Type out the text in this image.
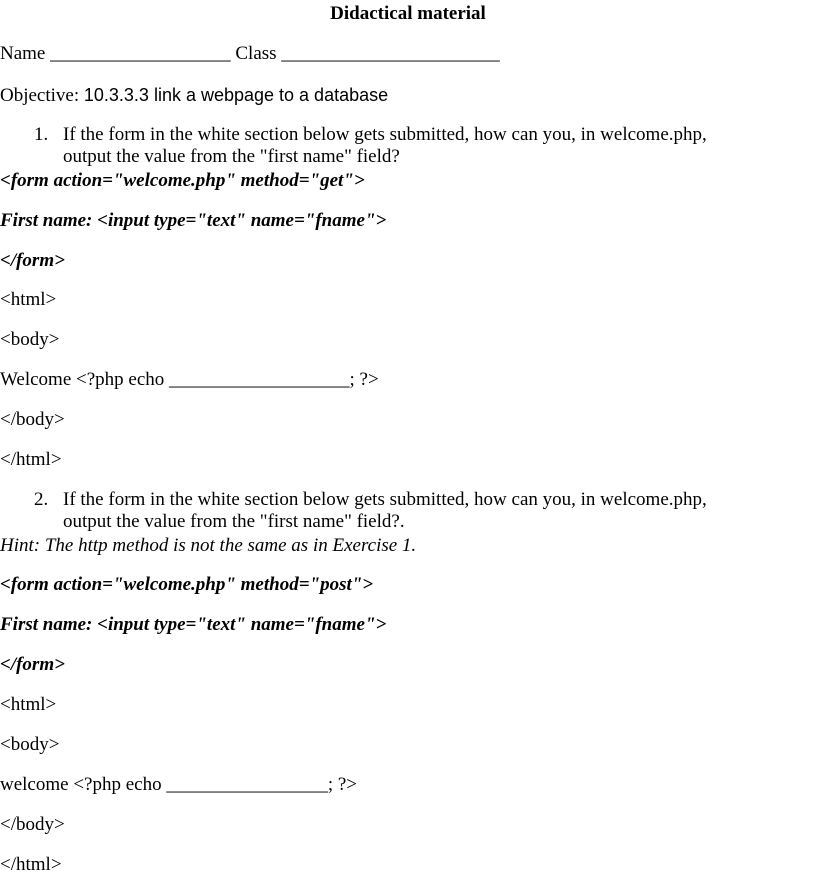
Didactical material
Name ___________________ Class _______________________
Objective: 10.3.3.3 link a webpage to a database
1. If the form in the white section below gets submitted, how can you, in welcome.php,
output the value from the "first name" field?
<form action="welcome.php" method="get">
First name: <input type="text" name="fname">
</form>
<html>
<body>
Welcome <?php echo ___________________; ?>
</body>
</html>
2. If the form in the white section below gets submitted, how can you, in welcome.php,
output the value from the "first name" field?.
Hint: The http method is not the same as in Exercise 1.
<form action="welcome.php" method="post">
First name: <input type="text" name="fname">
</form>
<html>
<body>
welcome <?php echo _________________; ?>
</body>
</html>
